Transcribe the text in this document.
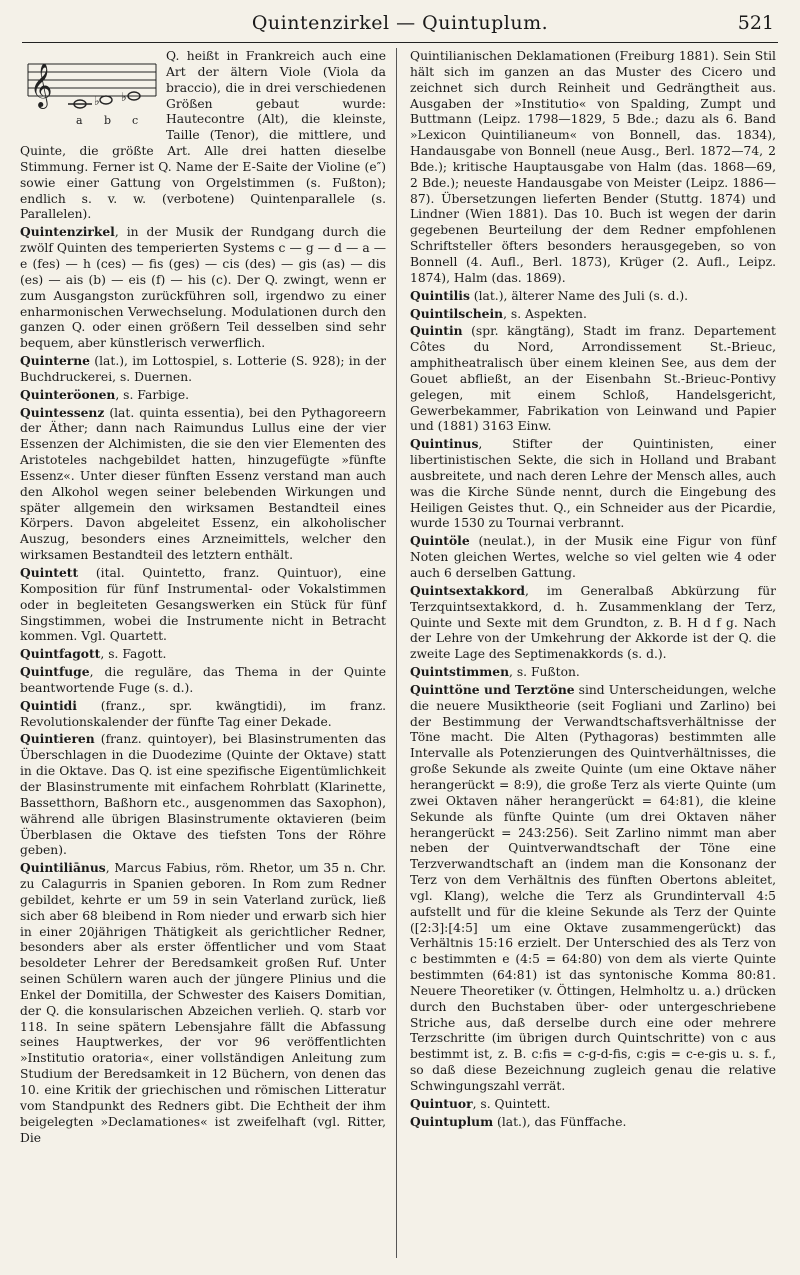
Quintenzirkel — Quintuplum.	521
𝄞	♭ ♭
a b c

Q. heißt in Frankreich auch eine Art der ältern Viole (Viola da braccio), die in drei verschiedenen Größen gebaut wurde: Hautecontre (Alt), die kleinste, Taille (Tenor), die mittlere, und Quinte, die größte Art. Alle drei hatten dieselbe Stimmung. Ferner ist Q. Name der E-Saite der Violine (e″) sowie einer Gattung von Orgelstimmen (s. Fußton); endlich s. v. w. (verbotene) Quintenparallele (s. Parallelen).

Quintenzirkel, in der Musik der Rundgang durch die zwölf Quinten des temperierten Systems c — g — d — a — e (fes) — h (ces) — fis (ges) — cis (des) — gis (as) — dis (es) — ais (b) — eis (f) — his (c). Der Q. zwingt, wenn er zum Ausgangston zurückführen soll, irgendwo zu einer enharmonischen Verwechselung. Modulationen durch den ganzen Q. oder einen größern Teil desselben sind sehr bequem, aber künstlerisch verwerflich.

Quinterne (lat.), im Lottospiel, s. Lotterie (S. 928); in der Buchdruckerei, s. Duernen.

Quinteröonen, s. Farbige.

Quintessenz (lat. quinta essentia), bei den Pythagoreern der Äther; dann nach Raimundus Lullus eine der vier Essenzen der Alchimisten, die sie den vier Elementen des Aristoteles nachgebildet hatten, hinzugefügte »fünfte Essenz«. Unter dieser fünften Essenz verstand man auch den Alkohol wegen seiner belebenden Wirkungen und später allgemein den wirksamen Bestandteil eines Körpers. Davon abgeleitet Essenz, ein alkoholischer Auszug, besonders eines Arzneimittels, welcher den wirksamen Bestandteil des letztern enthält.

Quintett (ital. Quintetto, franz. Quintuor), eine Komposition für fünf Instrumental- oder Vokalstimmen oder in begleiteten Gesangswerken ein Stück für fünf Singstimmen, wobei die Instrumente nicht in Betracht kommen. Vgl. Quartett.

Quintfagott, s. Fagott.

Quintfuge, die reguläre, das Thema in der Quinte beantwortende Fuge (s. d.).

Quintidi (franz., spr. kwängtidi), im franz. Revolutionskalender der fünfte Tag einer Dekade.

Quintieren (franz. quintoyer), bei Blasinstrumenten das Überschlagen in die Duodezime (Quinte der Oktave) statt in die Oktave. Das Q. ist eine spezifische Eigentümlichkeit der Blasinstrumente mit einfachem Rohrblatt (Klarinette, Bassetthorn, Baßhorn etc., ausgenommen das Saxophon), während alle übrigen Blasinstrumente oktavieren (beim Überblasen die Oktave des tiefsten Tons der Röhre geben).

Quintiliānus, Marcus Fabius, röm. Rhetor, um 35 n. Chr. zu Calagurris in Spanien geboren. In Rom zum Redner gebildet, kehrte er um 59 in sein Vaterland zurück, ließ sich aber 68 bleibend in Rom nieder und erwarb sich hier in einer 20jährigen Thätigkeit als gerichtlicher Redner, besonders aber als erster öffentlicher und vom Staat besoldeter Lehrer der Beredsamkeit großen Ruf. Unter seinen Schülern waren auch der jüngere Plinius und die Enkel der Domitilla, der Schwester des Kaisers Domitian, der Q. die konsularischen Abzeichen verlieh. Q. starb vor 118. In seine spätern Lebensjahre fällt die Abfassung seines Hauptwerkes, der vor 96 veröffentlichten »Institutio oratoria«, einer vollständigen Anleitung zum Studium der Beredsamkeit in 12 Büchern, von denen das 10. eine Kritik der griechischen und römischen Litteratur vom Standpunkt des Redners gibt. Die Echtheit der ihm beigelegten »Declamationes« ist zweifelhaft (vgl. Ritter, Die

Quintilianischen Deklamationen (Freiburg 1881). Sein Stil hält sich im ganzen an das Muster des Cicero und zeichnet sich durch Reinheit und Gedrängtheit aus. Ausgaben der »Institutio« von Spalding, Zumpt und Buttmann (Leipz. 1798—1829, 5 Bde.; dazu als 6. Band »Lexicon Quintilianeum« von Bonnell, das. 1834), Handausgabe von Bonnell (neue Ausg., Berl. 1872—74, 2 Bde.); kritische Hauptausgabe von Halm (das. 1868—69, 2 Bde.); neueste Handausgabe von Meister (Leipz. 1886—87). Übersetzungen lieferten Bender (Stuttg. 1874) und Lindner (Wien 1881). Das 10. Buch ist wegen der darin gegebenen Beurteilung der dem Redner empfohlenen Schriftsteller öfters besonders herausgegeben, so von Bonnell (4. Aufl., Berl. 1873), Krüger (2. Aufl., Leipz. 1874), Halm (das. 1869).

Quintilis (lat.), älterer Name des Juli (s. d.).

Quintilschein, s. Aspekten.

Quintin (spr. kängtäng), Stadt im franz. Departement Côtes du Nord, Arrondissement St.-Brieuc, amphitheatralisch über einem kleinen See, aus dem der Gouet abfließt, an der Eisenbahn St.-Brieuc-Pontivy gelegen, mit einem Schloß, Handelsgericht, Gewerbekammer, Fabrikation von Leinwand und Papier und (1881) 3163 Einw.

Quintinus, Stifter der Quintinisten, einer libertinistischen Sekte, die sich in Holland und Brabant ausbreitete, und nach deren Lehre der Mensch alles, auch was die Kirche Sünde nennt, durch die Eingebung des Heiligen Geistes thut. Q., ein Schneider aus der Picardie, wurde 1530 zu Tournai verbrannt.

Quintöle (neulat.), in der Musik eine Figur von fünf Noten gleichen Wertes, welche so viel gelten wie 4 oder auch 6 derselben Gattung.

Quintsextakkord, im Generalbaß Abkürzung für Terzquintsextakkord, d. h. Zusammenklang der Terz, Quinte und Sexte mit dem Grundton, z. B. H d f g. Nach der Lehre von der Umkehrung der Akkorde ist der Q. die zweite Lage des Septimenakkords (s. d.).

Quintstimmen, s. Fußton.

Quinttöne und Terztöne sind Unterscheidungen, welche die neuere Musiktheorie (seit Fogliani und Zarlino) bei der Bestimmung der Verwandtschaftsverhältnisse der Töne macht. Die Alten (Pythagoras) bestimmten alle Intervalle als Potenzierungen des Quintverhältnisses, die große Sekunde als zweite Quinte (um eine Oktave näher herangerückt = 8:9), die große Terz als vierte Quinte (um zwei Oktaven näher herangerückt = 64:81), die kleine Sekunde als fünfte Quinte (um drei Oktaven näher herangerückt = 243:256). Seit Zarlino nimmt man aber neben der Quintverwandtschaft der Töne eine Terzverwandtschaft an (indem man die Konsonanz der Terz von dem Verhältnis des fünften Obertons ableitet, vgl. Klang), welche die Terz als Grundintervall 4:5 aufstellt und für die kleine Sekunde als Terz der Quinte ([2:3]:[4:5] um eine Oktave zusammengerückt) das Verhältnis 15:16 erzielt. Der Unterschied des als Terz von c bestimmten e (4:5 = 64:80) von dem als vierte Quinte bestimmten (64:81) ist das syntonische Komma 80:81. Neuere Theoretiker (v. Öttingen, Helmholtz u. a.) drücken durch den Buchstaben über- oder untergeschriebene Striche aus, daß derselbe durch eine oder mehrere Terzschritte (im übrigen durch Quintschritte) von c aus bestimmt ist, z. B. c:fis = c-g-d-fis, c:gis = c-e-gis u. s. f., so daß diese Bezeichnung zugleich genau die relative Schwingungszahl verrät.

Quintuor, s. Quintett.

Quintuplum (lat.), das Fünffache.
